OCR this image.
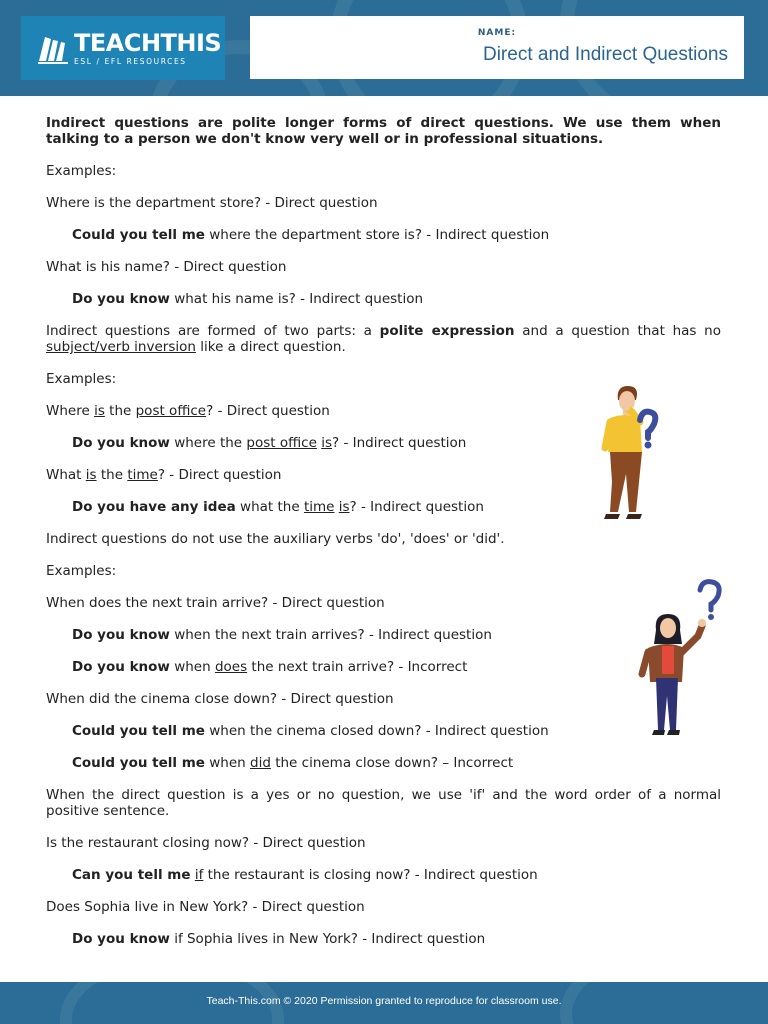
TEACHTHIS
ESL / EFL RESOURCES
NAME:
Direct and Indirect Questions

Indirect questions are polite longer forms of direct questions. We use them when talking to a person we don't know very well or in professional situations.

Examples:

Where is the department store? - Direct question

Could you tell me where the department store is? - Indirect question

What is his name? - Direct question

Do you know what his name is? - Indirect question

Indirect questions are formed of two parts: a polite expression and a question that has no subject/verb inversion like a direct question.

Examples:

Where is the post office? - Direct question

Do you know where the post office is? - Indirect question

What is the time? - Direct question

Do you have any idea what the time is? - Indirect question

Indirect questions do not use the auxiliary verbs 'do', 'does' or 'did'.

Examples:

When does the next train arrive? - Direct question

Do you know when the next train arrives? - Indirect question

Do you know when does the next train arrive? - Incorrect

When did the cinema close down? - Direct question

Could you tell me when the cinema closed down? - Indirect question

Could you tell me when did the cinema close down? – Incorrect

When the direct question is a yes or no question, we use 'if' and the word order of a normal positive sentence.

Is the restaurant closing now? - Direct question

Can you tell me if the restaurant is closing now? - Indirect question

Does Sophia live in New York? - Direct question

Do you know if Sophia lives in New York? - Indirect question

Teach-This.com © 2020 Permission granted to reproduce for classroom use.
